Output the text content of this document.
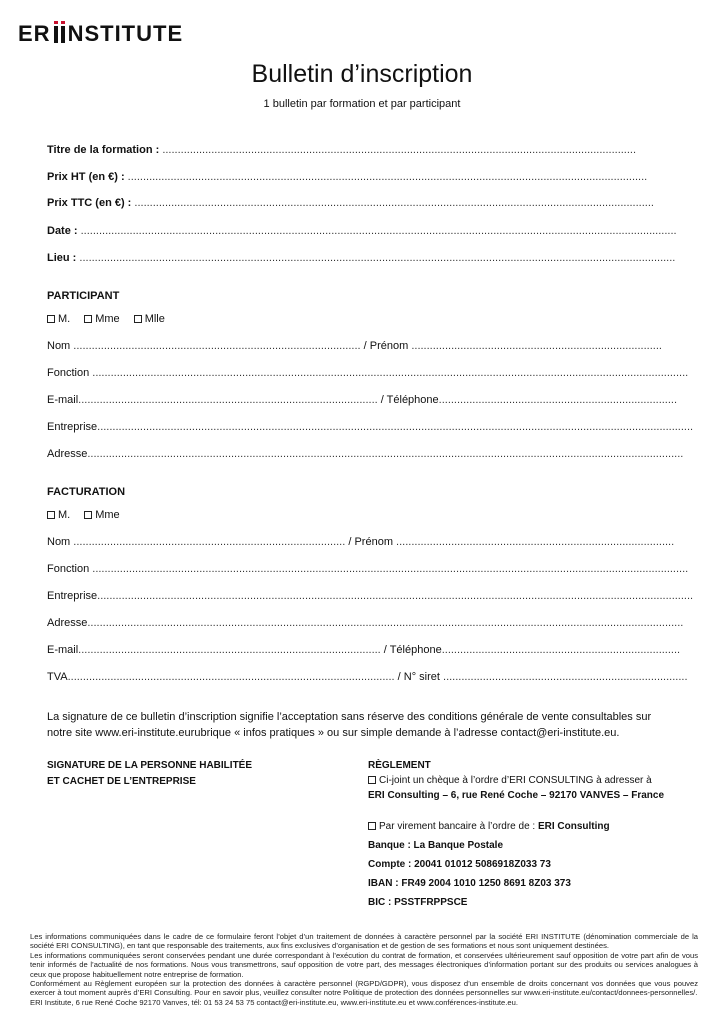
ER NSTITUTE
Bulletin d’inscription
1 bulletin par formation et par participant
Titre de la formation : ...........................................................................................................................................................
Prix HT (en €) : ..........................................................................................................................................................................
Prix TTC (en €) : ..........................................................................................................................................................................
Date : ...................................................................................................................................................................................................
Lieu : ...................................................................................................................................................................................................
PARTICIPANT
M.	Mme	Mlle
Nom .............................................................................................. / Prénom ..................................................................................
Fonction ...................................................................................................................................................................................................
E-mail.................................................................................................. / Téléphone..............................................................................
Entreprise...................................................................................................................................................................................................
Adresse...................................................................................................................................................................................................
FACTURATION
M.	Mme
Nom ......................................................................................... / Prénom ...........................................................................................
Fonction ...................................................................................................................................................................................................
Entreprise...................................................................................................................................................................................................
Adresse...................................................................................................................................................................................................
E-mail................................................................................................... / Téléphone..............................................................................
TVA........................................................................................................... / N° siret ................................................................................
La signature de ce bulletin d’inscription signifie l’acceptation sans réserve des conditions générale de vente consultables sur notre site www.eri-institute.eurubrique « infos pratiques » ou sur simple demande à l’adresse contact@eri-institute.eu.
SIGNATURE DE LA PERSONNE HABILITÉE
ET CACHET DE L’ENTREPRISE
RÈGLEMENT
Ci-joint un chèque à l’ordre d’ERI CONSULTING à adresser à
ERI Consulting – 6, rue René Coche – 92170 VANVES – France
Par virement bancaire à l’ordre de : ERI Consulting
Banque : La Banque Postale
Compte : 20041 01012 5086918Z033 73
IBAN : FR49 2004 1010 1250 8691 8Z03 373
BIC : PSSTFRPPSCE
Les informations communiquées dans le cadre de ce formulaire feront l’objet d’un traitement de données à caractère personnel par la société ERI INSTITUTE (dénomination commerciale de la société ERI CONSULTING), en tant que responsable des traitements, aux fins exclusives d’organisation et de gestion de ses formations et nous sont uniquement destinées.
Les informations communiquées seront conservées pendant une durée correspondant à l’exécution du contrat de formation, et conservées ultérieurement sauf opposition de votre part afin de vous tenir informés de l’actualité de nos formations. Nous vous transmettrons, sauf opposition de votre part, des messages électroniques d’information portant sur des produits ou services analogues à ceux que propose habituellement notre entreprise de formation.
Conformément au Règlement européen sur la protection des données à caractère personnel (RGPD/GDPR), vous disposez d’un ensemble de droits concernant vos données que vous pouvez exercer à tout moment auprès d’ERI Consulting. Pour en savoir plus, veuillez consulter notre Politique de protection des données personnelles sur www.eri-institute.eu/contact/donnees-personnelles/.
ERI Institute, 6 rue René Coche 92170 Vanves, tél: 01 53 24 53 75 contact@eri-institute.eu, www.eri-institute.eu et www.conférences-institute.eu.
